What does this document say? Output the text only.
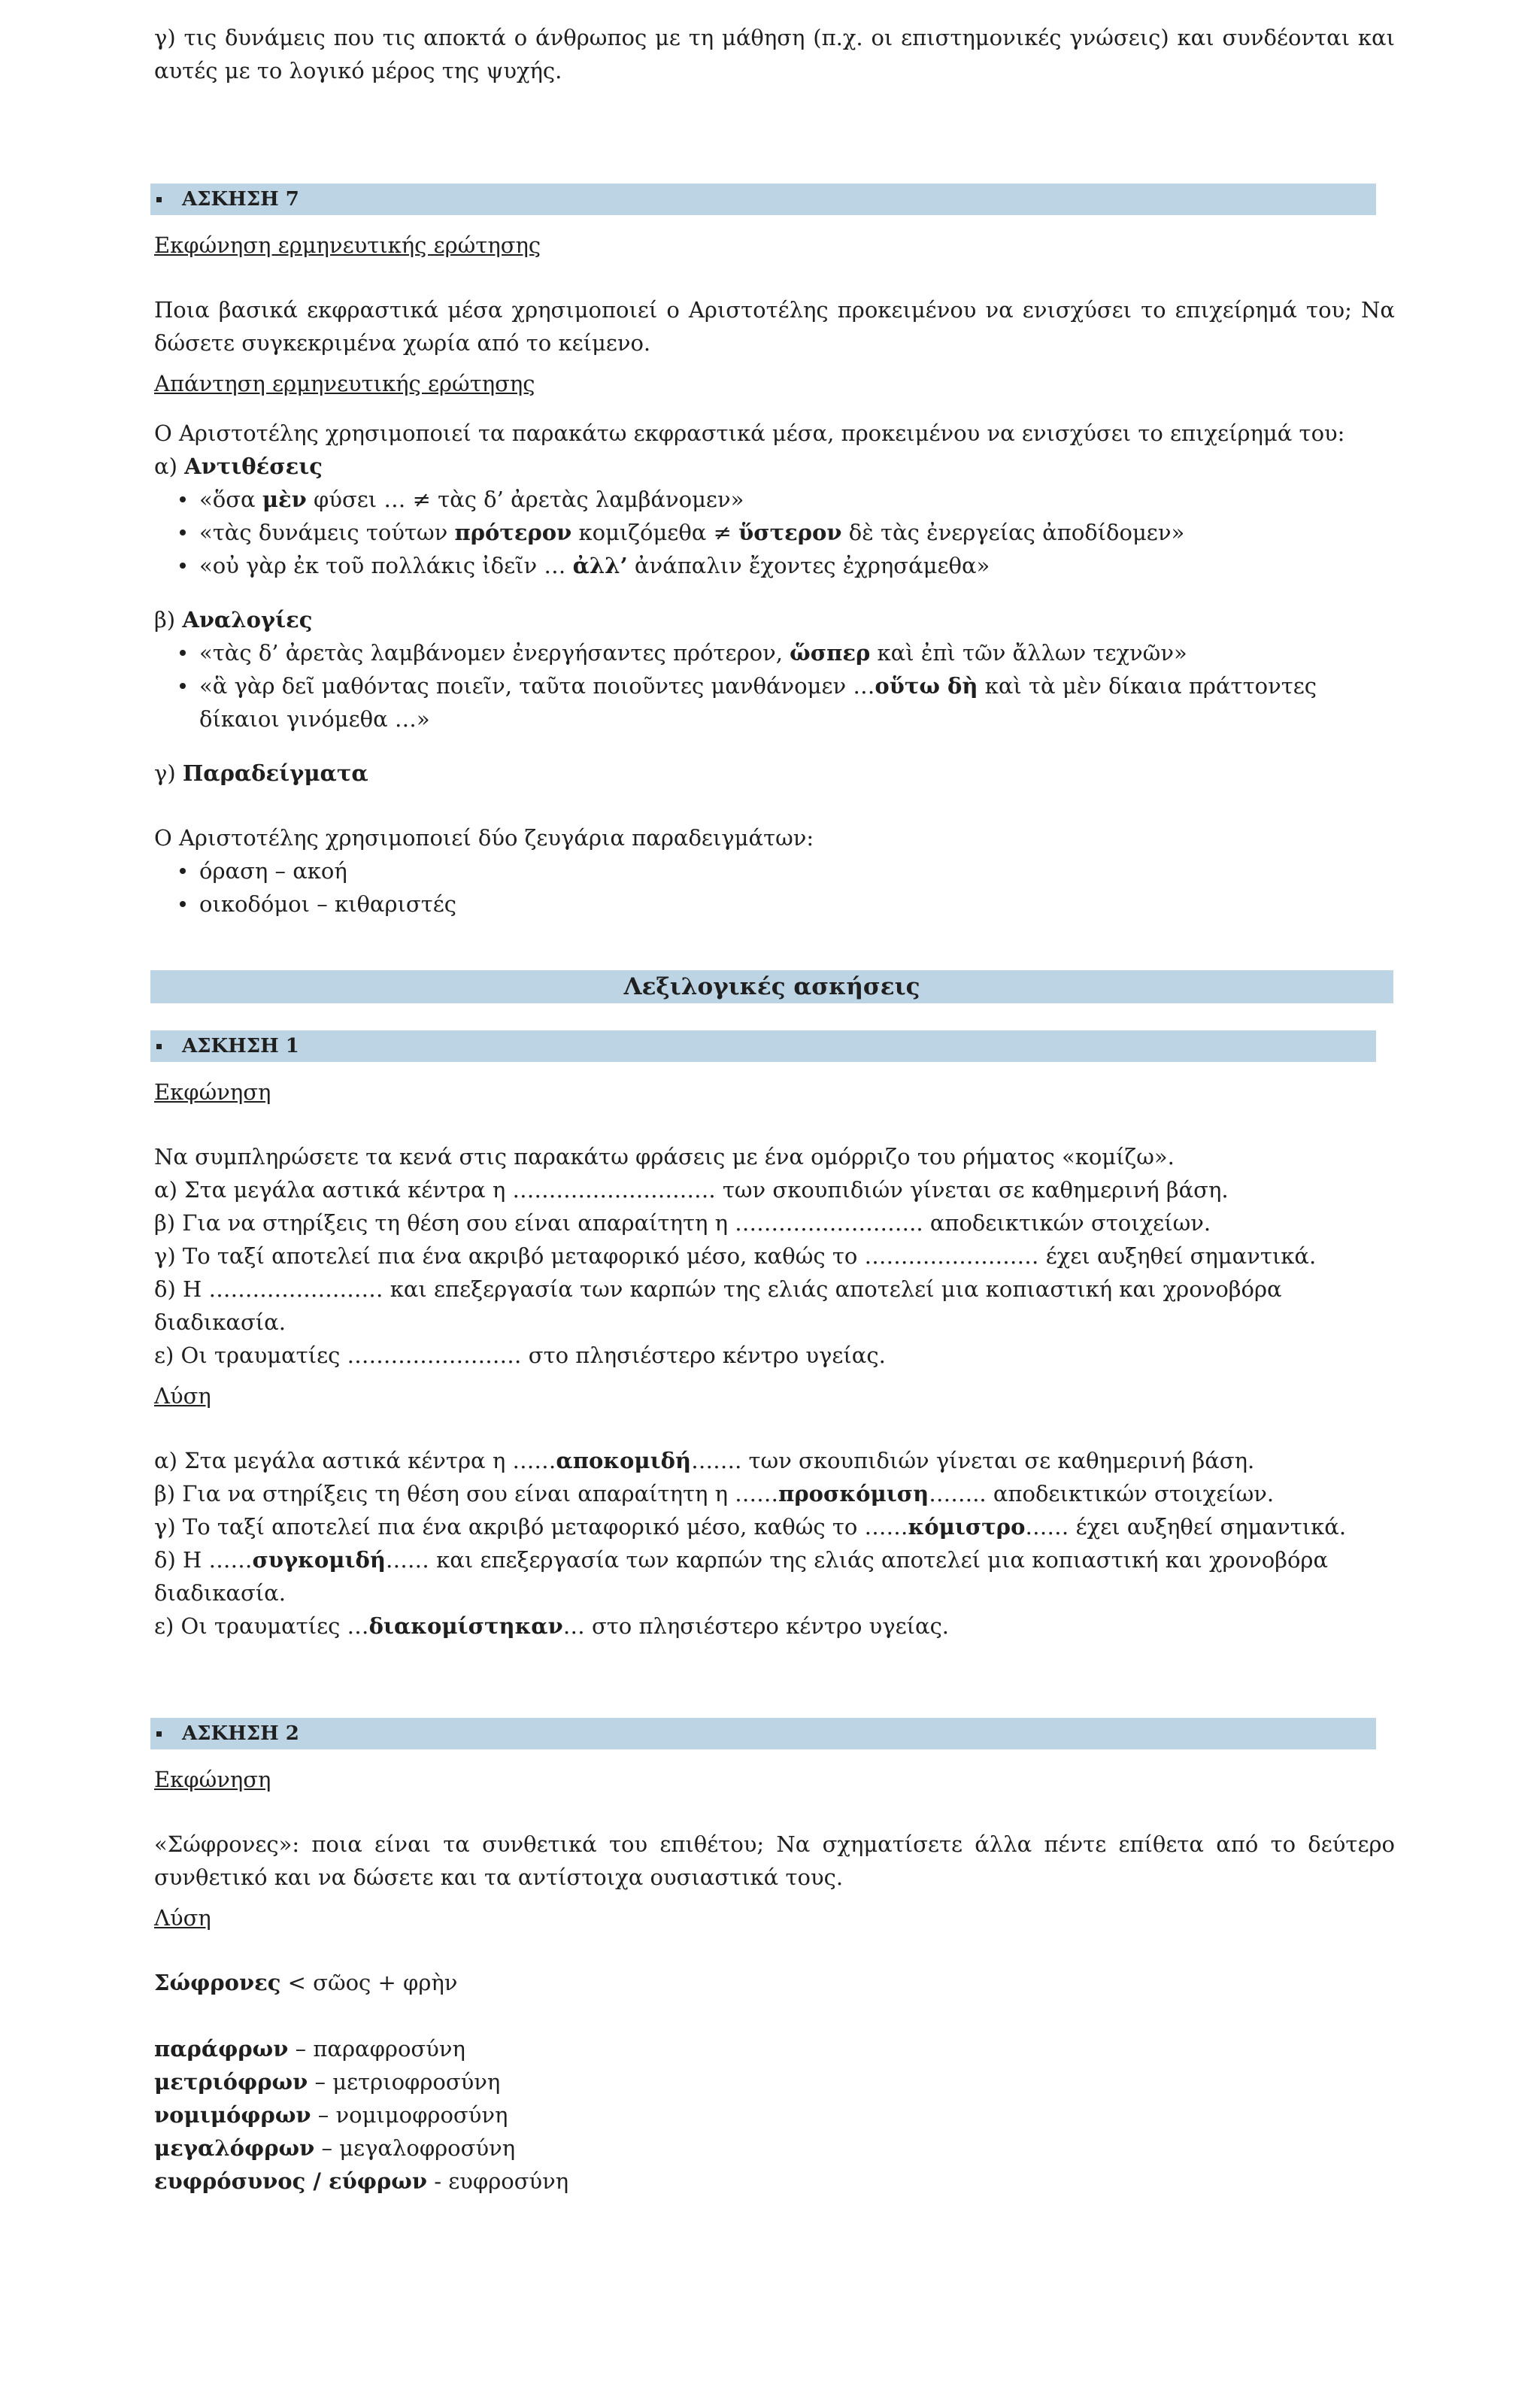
γ) τις δυνάμεις που τις αποκτά ο άνθρωπος με τη μάθηση (π.χ. οι επιστημονικές γνώσεις) και συνδέονται και αυτές με το λογικό μέρος της ψυχής.

ΑΣΚΗΣΗ 7

Εκφώνηση ερμηνευτικής ερώτησης

Ποια βασικά εκφραστικά μέσα χρησιμοποιεί ο Αριστοτέλης προκειμένου να ενισχύσει το επιχείρημά του; Να δώσετε συγκεκριμένα χωρία από το κείμενο.

Απάντηση ερμηνευτικής ερώτησης

Ο Αριστοτέλης χρησιμοποιεί τα παρακάτω εκφραστικά μέσα, προκειμένου να ενισχύσει το επιχείρημά του:

α) Αντιθέσεις

«ὅσα μὲν φύσει … ≠ τὰς δ’ ἀρετὰς λαμβάνομεν»
«τὰς δυνάμεις τούτων πρότερον κομιζόμεθα ≠ ὕστερον δὲ τὰς ἐνεργείας ἀποδίδομεν»
«οὐ γὰρ ἐκ τοῦ πολλάκις ἰδεῖν … ἀλλ’ ἀνάπαλιν ἔχοντες ἐχρησάμεθα»

β) Αναλογίες

«τὰς δ’ ἀρετὰς λαμβάνομεν ἐνεργήσαντες πρότερον, ὥσπερ καὶ ἐπὶ τῶν ἄλλων τεχνῶν»
«ἃ γὰρ δεῖ μαθόντας ποιεῖν, ταῦτα ποιοῦντες μανθάνομεν …οὕτω δὴ καὶ τὰ μὲν δίκαια πράττοντες δίκαιοι γινόμεθα …»

γ) Παραδείγματα

Ο Αριστοτέλης χρησιμοποιεί δύο ζευγάρια παραδειγμάτων:

όραση – ακοή
οικοδόμοι – κιθαριστές
Λεξιλογικές ασκήσεις
ΑΣΚΗΣΗ 1

Εκφώνηση

Να συμπληρώσετε τα κενά στις παρακάτω φράσεις με ένα ομόρριζο του ρήματος «κομίζω».

α) Στα μεγάλα αστικά κέντρα η ………………………. των σκουπιδιών γίνεται σε καθημερινή βάση.

β) Για να στηρίξεις τη θέση σου είναι απαραίτητη η …………………….. αποδεικτικών στοιχείων.

γ) Το ταξί αποτελεί πια ένα ακριβό μεταφορικό μέσο, καθώς το …………………… έχει αυξηθεί σημαντικά.

δ) Η …………………… και επεξεργασία των καρπών της ελιάς αποτελεί μια κοπιαστική και χρονοβόρα διαδικασία.

ε) Οι τραυματίες …………………… στο πλησιέστερο κέντρο υγείας.

Λύση

α) Στα μεγάλα αστικά κέντρα η ……αποκομιδή……. των σκουπιδιών γίνεται σε καθημερινή βάση.

β) Για να στηρίξεις τη θέση σου είναι απαραίτητη η ……προσκόμιση…….. αποδεικτικών στοιχείων.

γ) Το ταξί αποτελεί πια ένα ακριβό μεταφορικό μέσο, καθώς το ……κόμιστρο…… έχει αυξηθεί σημαντικά.

δ) Η ……συγκομιδή…… και επεξεργασία των καρπών της ελιάς αποτελεί μια κοπιαστική και χρονοβόρα διαδικασία.

ε) Οι τραυματίες …διακομίστηκαν… στο πλησιέστερο κέντρο υγείας.

ΑΣΚΗΣΗ 2

Εκφώνηση

«Σώφρονες»: ποια είναι τα συνθετικά του επιθέτου; Να σχηματίσετε άλλα πέντε επίθετα από το δεύτερο συνθετικό και να δώσετε και τα αντίστοιχα ουσιαστικά τους.

Λύση

Σώφρονες < σῶος + φρὴν

παράφρων – παραφροσύνη

μετριόφρων – μετριοφροσύνη

νομιμόφρων – νομιμοφροσύνη

μεγαλόφρων – μεγαλοφροσύνη

ευφρόσυνος / εύφρων - ευφροσύνη
